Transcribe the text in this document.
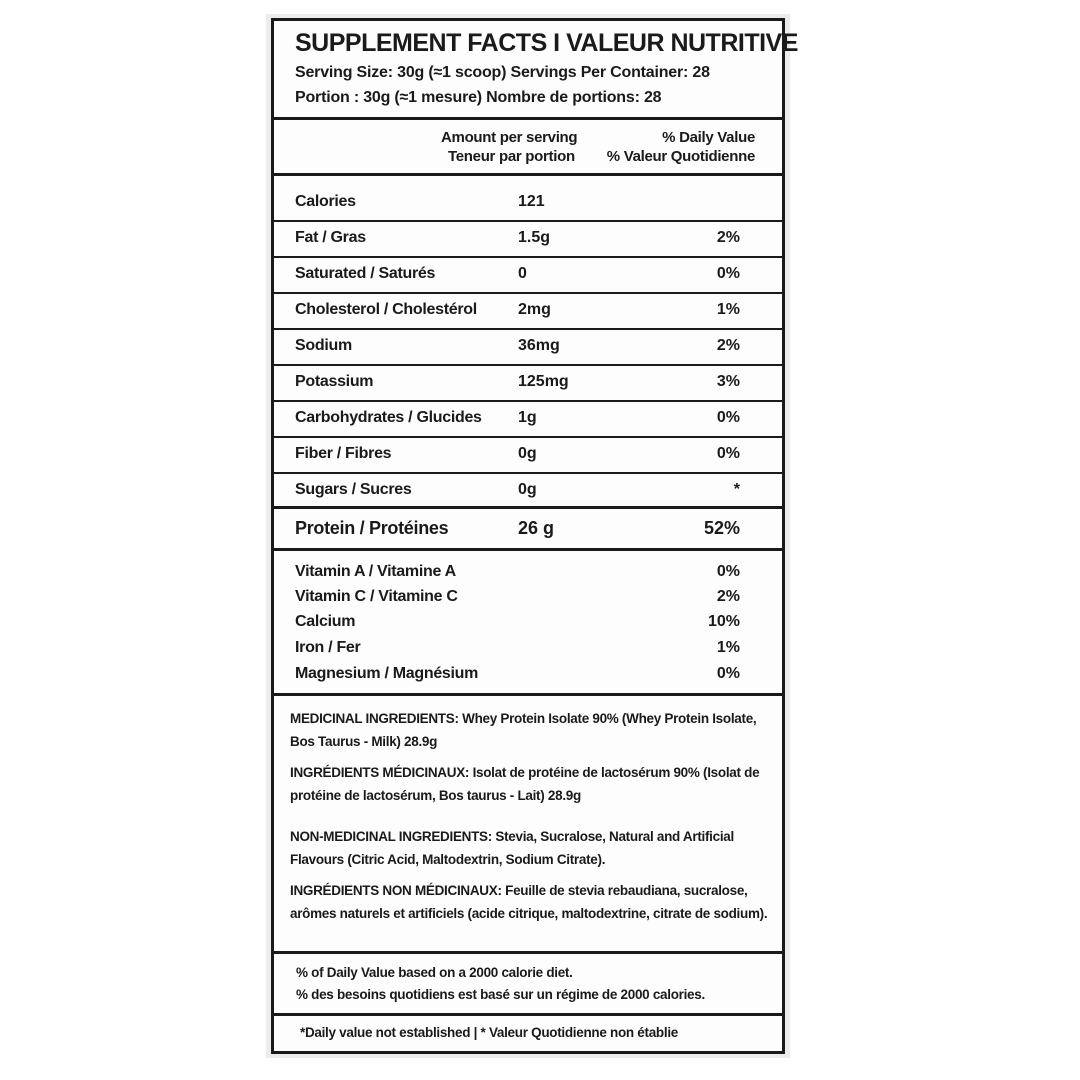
SUPPLEMENT FACTS I VALEUR NUTRITIVE
Serving Size: 30g (≈1 scoop) Servings Per Container: 28
Portion : 30g (≈1 mesure) Nombre de portions: 28
Amount per serving
Teneur par portion
% Daily Value
% Valeur Quotidienne
Calories	121
Fat / Gras	1.5g	2%
Saturated / Saturés	0	0%
Cholesterol / Cholestérol	2mg	1%
Sodium	36mg	2%
Potassium	125mg	3%
Carbohydrates / Glucides 1g	0%
Fiber / Fibres	0g	0%
Sugars / Sucres	0g	*
Protein / Protéines	26 g	52%
Vitamin A / Vitamine A	0%
Vitamin C / Vitamine C	2%
Calcium	10%
Iron / Fer	1%
Magnesium / Magnésium	0%
MEDICINAL INGREDIENTS: Whey Protein Isolate 90% (Whey Protein Isolate, Bos Taurus - Milk) 28.9g
INGRÉDIENTS MÉDICINAUX: Isolat de protéine de lactosérum 90% (Isolat de protéine de lactosérum, Bos taurus - Lait) 28.9g
NON-MEDICINAL INGREDIENTS: Stevia, Sucralose, Natural and Artificial Flavours (Citric Acid, Maltodextrin, Sodium Citrate).
INGRÉDIENTS NON MÉDICINAUX: Feuille de stevia rebaudiana, sucralose, arômes naturels et artificiels (acide citrique, maltodextrine, citrate de sodium).
% of Daily Value based on a 2000 calorie diet.
% des besoins quotidiens est basé sur un régime de 2000 calories.
*Daily value not established | * Valeur Quotidienne non établie
